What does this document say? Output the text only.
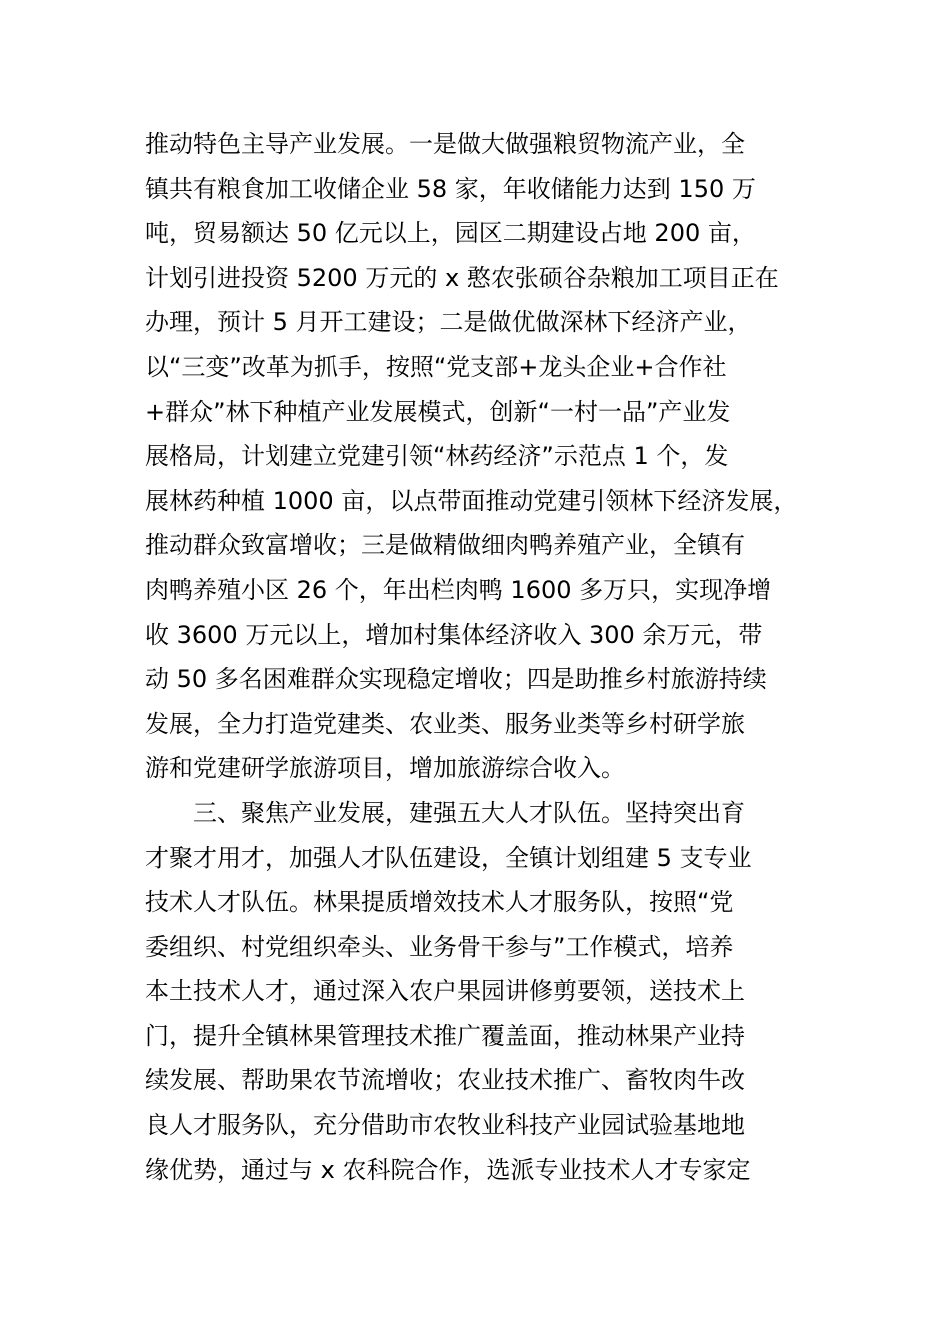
推动特色主导产业发展。一是做大做强粮贸物流产业，全
镇共有粮食加工收储企业 58 家，年收储能力达到 150 万
吨，贸易额达 50 亿元以上，园区二期建设占地 200 亩，
计划引进投资 5200 万元的 x 憨农张硕谷杂粮加工项目正在
办理，预计 5 月开工建设；二是做优做深林下经济产业，
以“三变”改革为抓手，按照“党支部+龙头企业+合作社
+群众”林下种植产业发展模式，创新“一村一品”产业发
展格局，计划建立党建引领“林药经济”示范点 1 个，发
展林药种植 1000 亩，以点带面推动党建引领林下经济发展，
推动群众致富增收；三是做精做细肉鸭养殖产业，全镇有
肉鸭养殖小区 26 个，年出栏肉鸭 1600 多万只，实现净增
收 3600 万元以上，增加村集体经济收入 300 余万元，带
动 50 多名困难群众实现稳定增收；四是助推乡村旅游持续
发展，全力打造党建类、农业类、服务业类等乡村研学旅
游和党建研学旅游项目，增加旅游综合收入。
三、聚焦产业发展，建强五大人才队伍。坚持突出育
才聚才用才，加强人才队伍建设，全镇计划组建 5 支专业
技术人才队伍。林果提质增效技术人才服务队，按照“党
委组织、村党组织牵头、业务骨干参与”工作模式，培养
本土技术人才，通过深入农户果园讲修剪要领，送技术上
门，提升全镇林果管理技术推广覆盖面，推动林果产业持
续发展、帮助果农节流增收；农业技术推广、畜牧肉牛改
良人才服务队，充分借助市农牧业科技产业园试验基地地
缘优势，通过与 x 农科院合作，选派专业技术人才专家定
